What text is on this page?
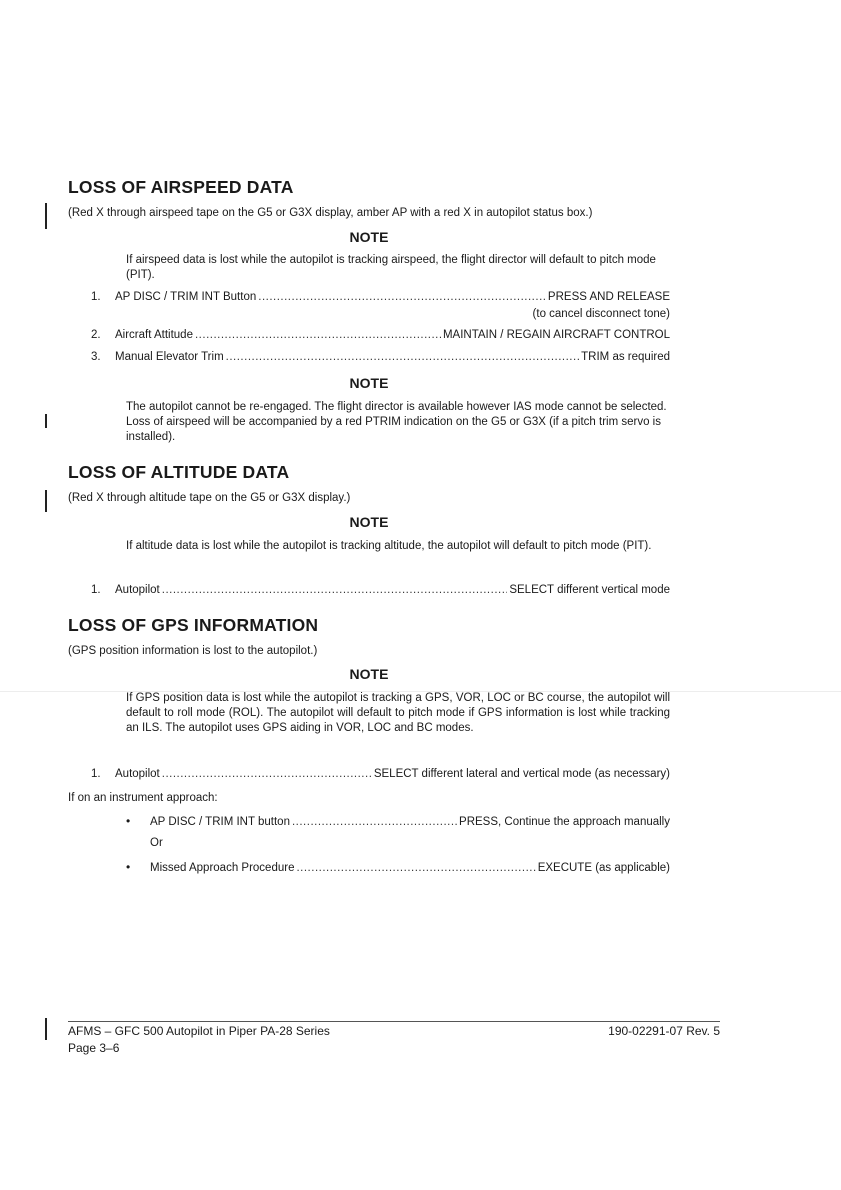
LOSS OF AIRSPEED DATA
(Red X through airspeed tape on the G5 or G3X display, amber AP with a red X in autopilot status box.)
NOTE
If airspeed data is lost while the autopilot is tracking airspeed, the flight director will default to pitch mode (PIT).
1.	AP DISC / TRIM INT Button .....	PRESS AND RELEASE
(to cancel disconnect tone)
2.	Aircraft Attitude .....	MAINTAIN / REGAIN AIRCRAFT CONTROL
3.	Manual Elevator Trim .....	TRIM as required
NOTE
The autopilot cannot be re-engaged. The flight director is available however IAS mode cannot be selected. Loss of airspeed will be accompanied by a red PTRIM indication on the G5 or G3X (if a pitch trim servo is installed).
LOSS OF ALTITUDE DATA
(Red X through altitude tape on the G5 or G3X display.)
NOTE
If altitude data is lost while the autopilot is tracking altitude, the autopilot will default to pitch mode (PIT).
1.	Autopilot .....	SELECT different vertical mode
LOSS OF GPS INFORMATION
(GPS position information is lost to the autopilot.)
NOTE
If GPS position data is lost while the autopilot is tracking a GPS, VOR, LOC or BC course, the autopilot will default to roll mode (ROL). The autopilot will default to pitch mode if GPS information is lost while tracking an ILS. The autopilot uses GPS aiding in VOR, LOC and BC modes.
1.	Autopilot .....	SELECT different lateral and vertical mode (as necessary)
If on an instrument approach:
•	AP DISC / TRIM INT button .....	PRESS, Continue the approach manually
Or
•	Missed Approach Procedure .....	EXECUTE (as applicable)
AFMS – GFC 500 Autopilot in Piper PA-28 Series
Page 3–6
190-02291-07 Rev. 5
